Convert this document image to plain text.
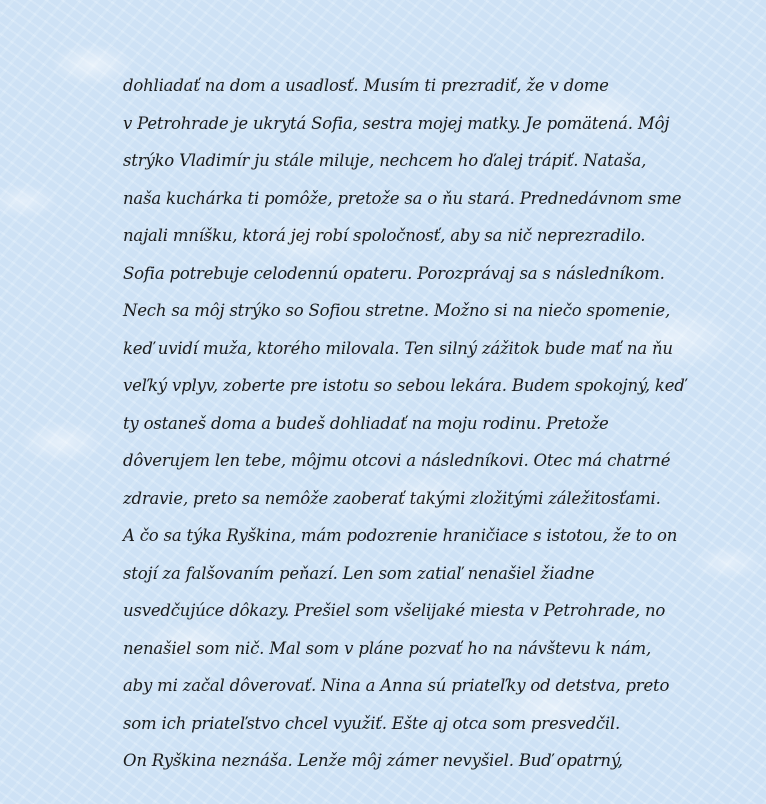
dohliadať na dom a usadlosť. Musím ti prezradiť, že v dome
v Petrohrade je ukrytá Sofia, sestra mojej matky. Je pomätená. Môj
strýko Vladimír ju stále miluje, nechcem ho ďalej trápiť. Nataša,
naša kuchárka ti pomôže, pretože sa o ňu stará. Prednedávnom sme
najali mníšku, ktorá jej robí spoločnosť, aby sa nič neprezradilo.
Sofia potrebuje celodennú opateru. Porozprávaj sa s následníkom.
Nech sa môj strýko so Sofiou stretne. Možno si na niečo spomenie,
keď uvidí muža, ktorého milovala. Ten silný zážitok bude mať na ňu
veľký vplyv, zoberte pre istotu so sebou lekára. Budem spokojný, keď
ty ostaneš doma a budeš dohliadať na moju rodinu. Pretože
dôverujem len tebe, môjmu otcovi a následníkovi. Otec má chatrné
zdravie, preto sa nemôže zaoberať takými zložitými záležitosťami.
A čo sa týka Ryškina, mám podozrenie hraničiace s istotou, že to on
stojí za falšovaním peňazí. Len som zatiaľ nenašiel žiadne
usvedčujúce dôkazy. Prešiel som všelijaké miesta v Petrohrade, no
nenašiel som nič. Mal som v pláne pozvať ho na návštevu k nám,
aby mi začal dôverovať. Nina a Anna sú priateľky od detstva, preto
som ich priateľstvo chcel využiť. Ešte aj otca som presvedčil.
On Ryškina neznáša. Lenže môj zámer nevyšiel. Buď opatrný,
